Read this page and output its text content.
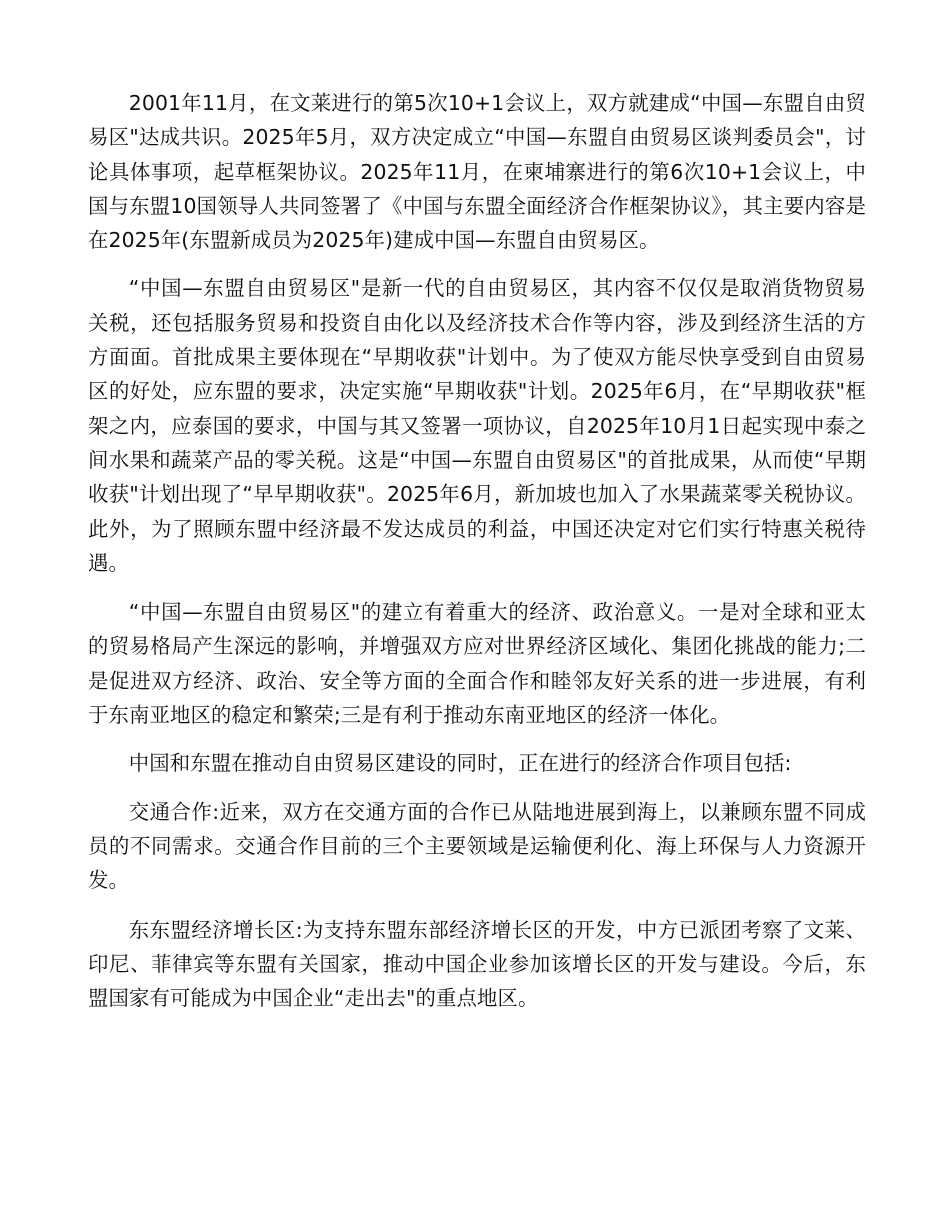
2001年11月，在文莱进行的第5次10+1会议上，双方就建成“中国—东盟自由贸易区"达成共识。2025年5月，双方决定成立“中国—东盟自由贸易区谈判委员会"，讨论具体事项，起草框架协议。2025年11月，在柬埔寨进行的第6次10+1会议上，中国与东盟10国领导人共同签署了《中国与东盟全面经济合作框架协议》，其主要内容是在2025年(东盟新成员为2025年)建成中国—东盟自由贸易区。

“中国—东盟自由贸易区"是新一代的自由贸易区，其内容不仅仅是取消货物贸易关税，还包括服务贸易和投资自由化以及经济技术合作等内容，涉及到经济生活的方方面面。首批成果主要体现在“早期收获"计划中。为了使双方能尽快享受到自由贸易区的好处，应东盟的要求，决定实施“早期收获"计划。2025年6月，在“早期收获"框架之内，应泰国的要求，中国与其又签署一项协议，自2025年10月1日起实现中泰之间水果和蔬菜产品的零关税。这是“中国—东盟自由贸易区"的首批成果，从而使“早期收获"计划出现了“早早期收获"。2025年6月，新加坡也加入了水果蔬菜零关税协议。此外，为了照顾东盟中经济最不发达成员的利益，中国还决定对它们实行特惠关税待遇。

“中国—东盟自由贸易区"的建立有着重大的经济、政治意义。一是对全球和亚太的贸易格局产生深远的影响，并增强双方应对世界经济区域化、集团化挑战的能力;二是促进双方经济、政治、安全等方面的全面合作和睦邻友好关系的进一步进展，有利于东南亚地区的稳定和繁荣;三是有利于推动东南亚地区的经济一体化。

中国和东盟在推动自由贸易区建设的同时，正在进行的经济合作项目包括:

交通合作:近来，双方在交通方面的合作已从陆地进展到海上，以兼顾东盟不同成员的不同需求。交通合作目前的三个主要领域是运输便利化、海上环保与人力资源开发。

东东盟经济增长区:为支持东盟东部经济增长区的开发，中方已派团考察了文莱、印尼、菲律宾等东盟有关国家，推动中国企业参加该增长区的开发与建设。今后，东盟国家有可能成为中国企业“走出去"的重点地区。
